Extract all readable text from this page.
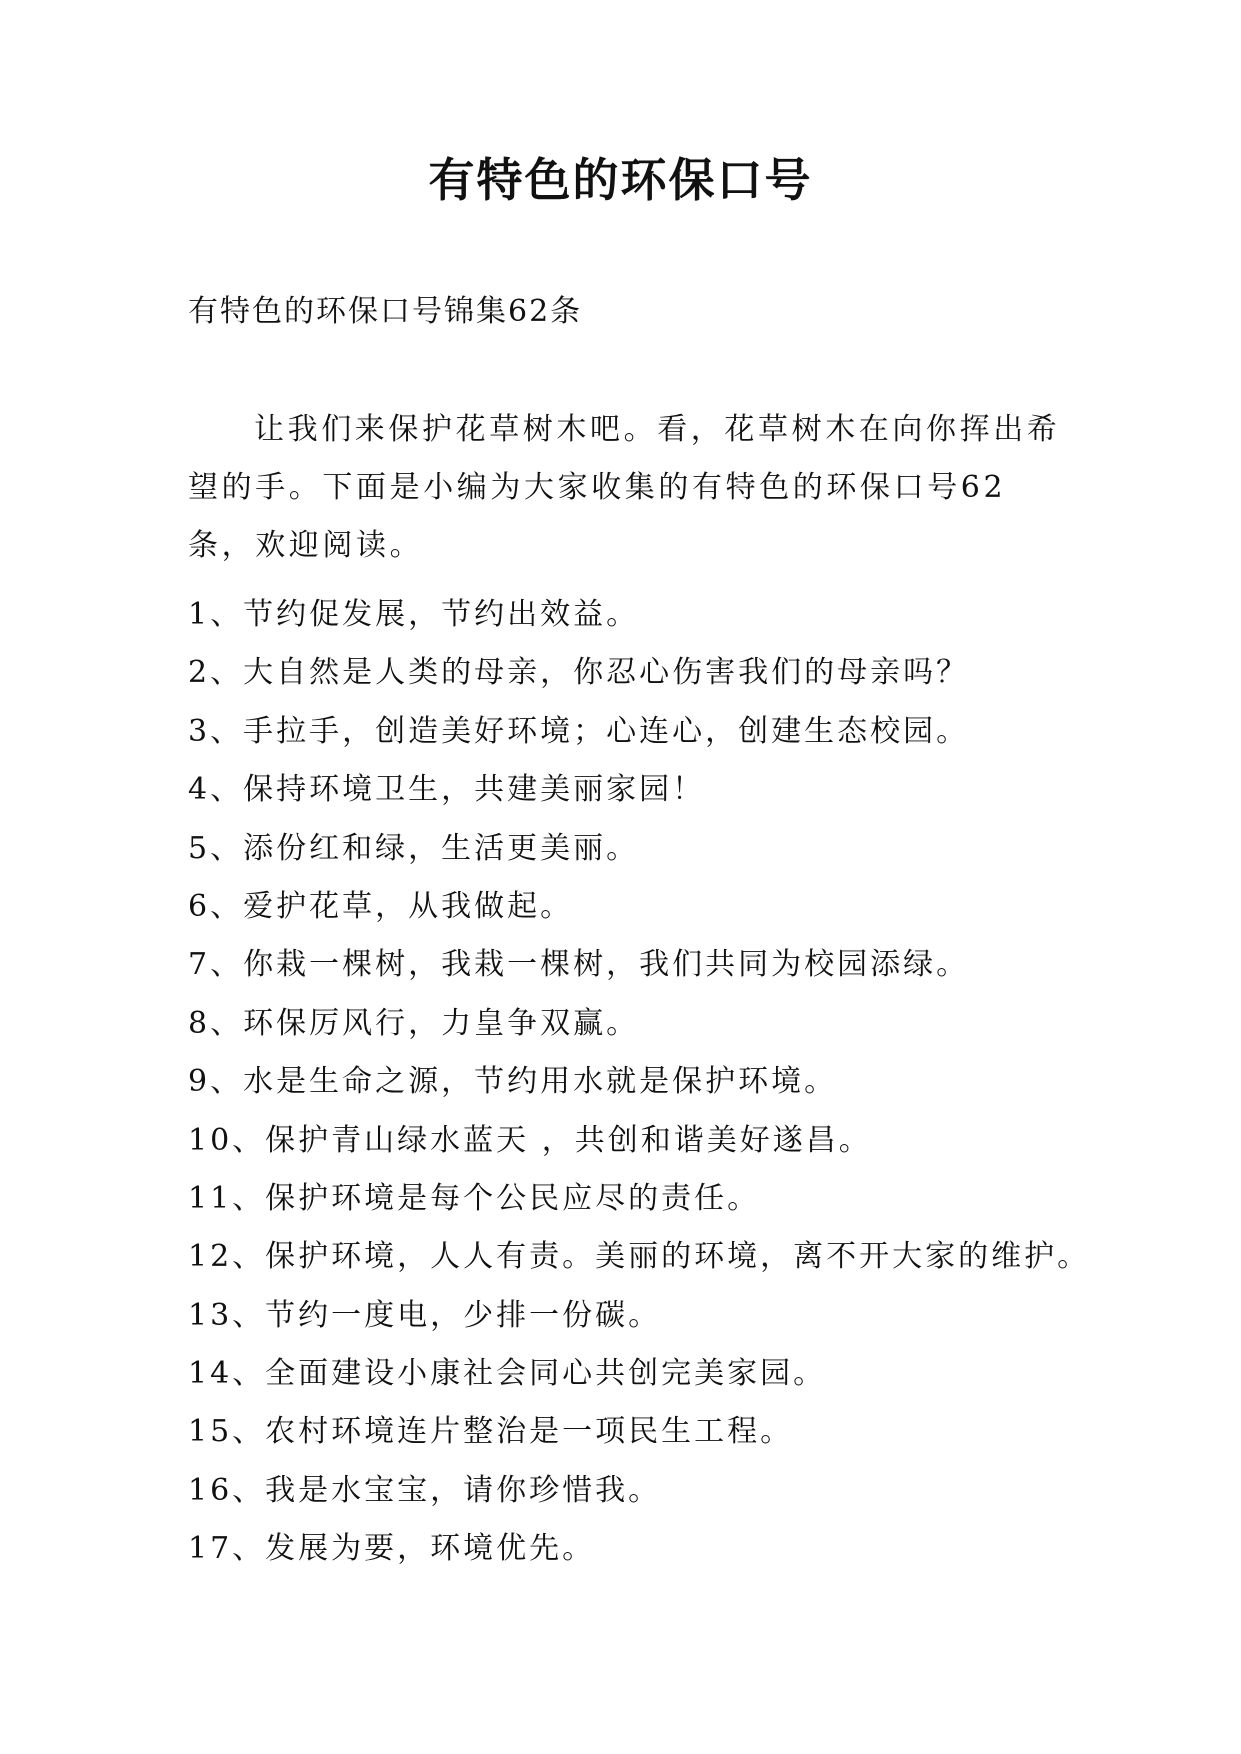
有特色的环保口号
有特色的环保口号锦集62条

让我们来保护花草树木吧。看，花草树木在向你挥出希望的手。下面是小编为大家收集的有特色的环保口号62条，欢迎阅读。

1、节约促发展，节约出效益。
2、大自然是人类的母亲，你忍心伤害我们的母亲吗？
3、手拉手，创造美好环境；心连心，创建生态校园。
4、保持环境卫生，共建美丽家园！
5、添份红和绿，生活更美丽。
6、爱护花草，从我做起。
7、你栽一棵树，我栽一棵树，我们共同为校园添绿。
8、环保厉风行，力皇争双赢。
9、水是生命之源，节约用水就是保护环境。
10、保护青山绿水蓝天 ，共创和谐美好遂昌。
11、保护环境是每个公民应尽的责任。
12、保护环境，人人有责。美丽的环境，离不开大家的维护。
13、节约一度电，少排一份碳。
14、全面建设小康社会同心共创完美家园。
15、农村环境连片整治是一项民生工程。
16、我是水宝宝，请你珍惜我。
17、发展为要，环境优先。
